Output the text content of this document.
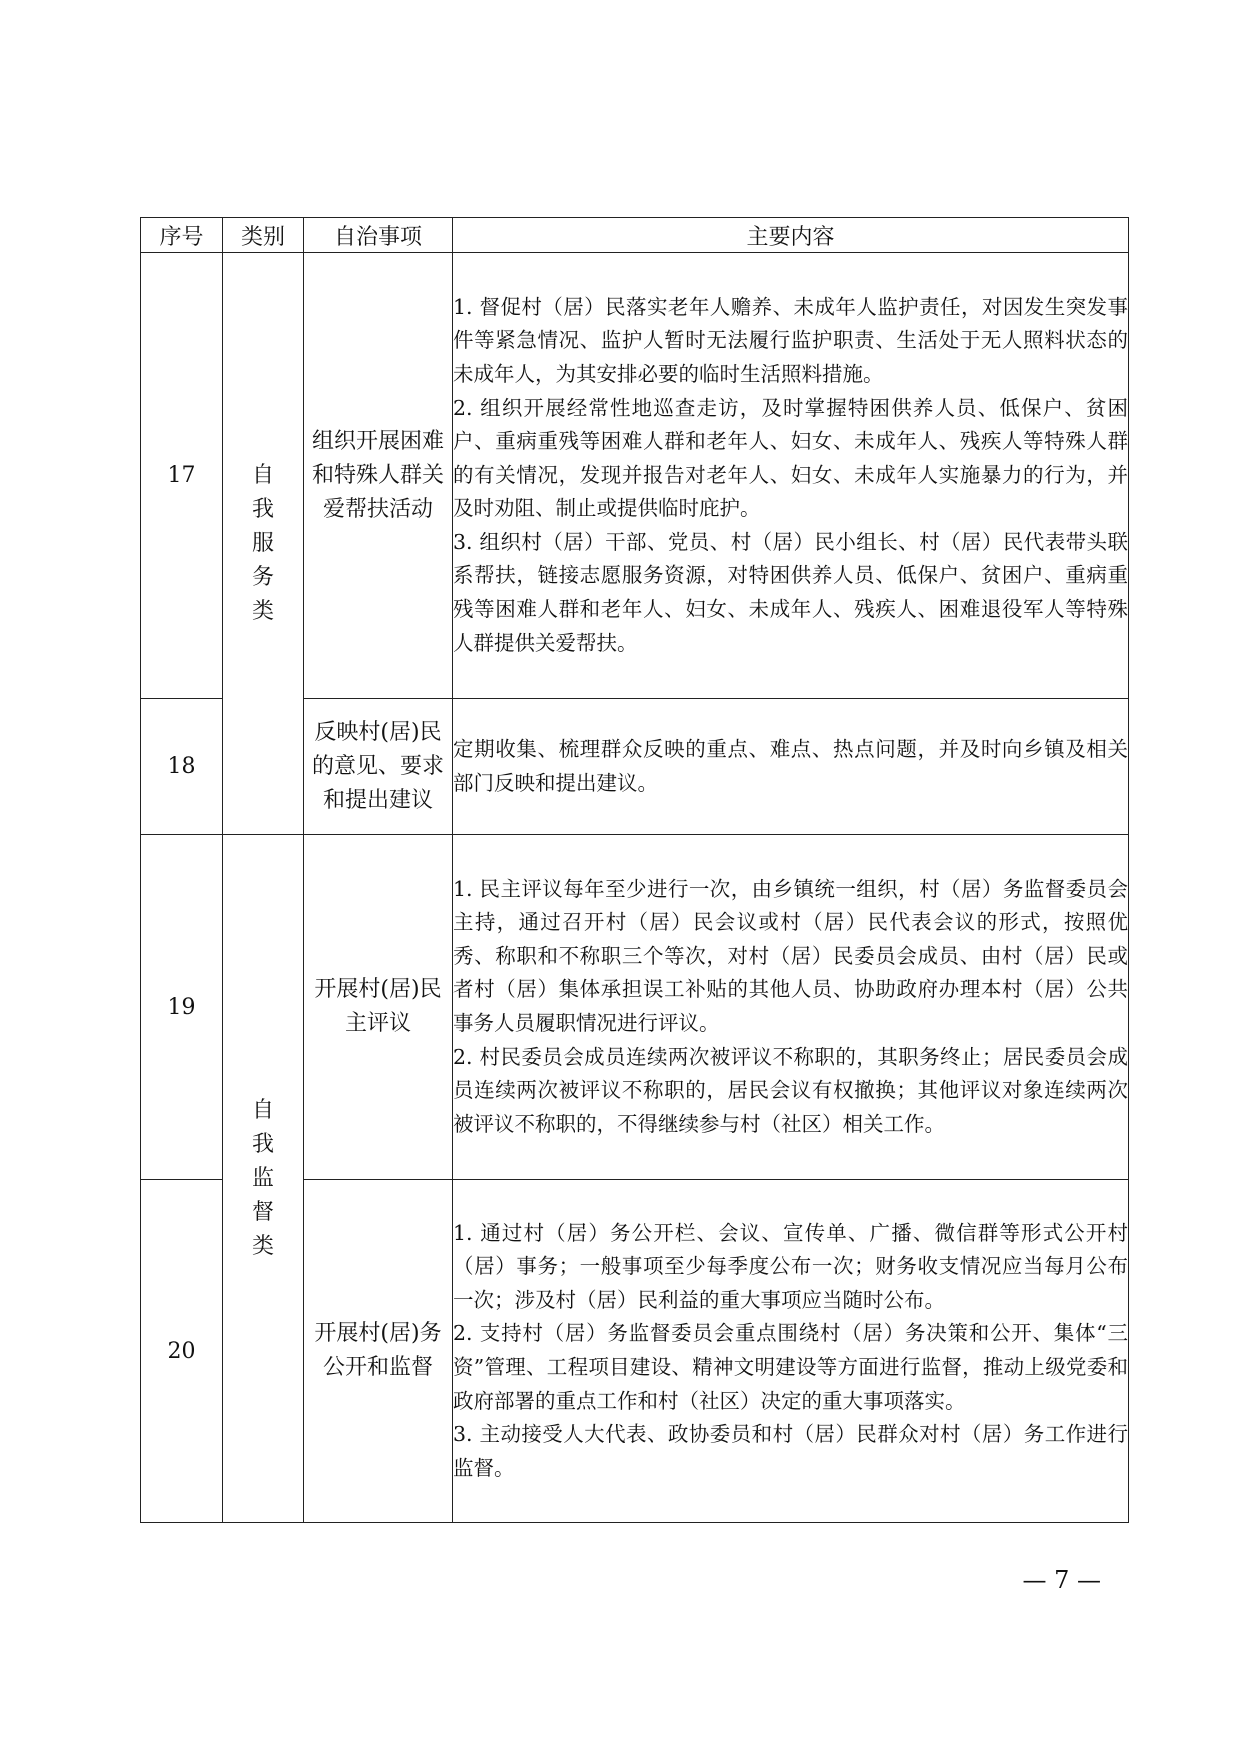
序号	类别	自治事项	主要内容
17	自我服务类	组织开展困难和特殊人群关爱帮扶活动	1. 督促村（居）民落实老年人赡养、未成年人监护责任，对因发生突发事件等紧急情况、监护人暂时无法履行监护职责、生活处于无人照料状态的未成年人，为其安排必要的临时生活照料措施。

2. 组织开展经常性地巡查走访，及时掌握特困供养人员、低保户、贫困户、重病重残等困难人群和老年人、妇女、未成年人、残疾人等特殊人群的有关情况，发现并报告对老年人、妇女、未成年人实施暴力的行为，并及时劝阻、制止或提供临时庇护。

3. 组织村（居）干部、党员、村（居）民小组长、村（居）民代表带头联系帮扶，链接志愿服务资源，对特困供养人员、低保户、贫困户、重病重残等困难人群和老年人、妇女、未成年人、残疾人、困难退役军人等特殊人群提供关爱帮扶。

18		反映村(居)民的意见、要求和提出建议	定期收集、梳理群众反映的重点、难点、热点问题，并及时向乡镇及相关部门反映和提出建议。

19	自我监督类	开展村(居)民主评议	1. 民主评议每年至少进行一次，由乡镇统一组织，村（居）务监督委员会主持，通过召开村（居）民会议或村（居）民代表会议的形式，按照优秀、称职和不称职三个等次，对村（居）民委员会成员、由村（居）民或者村（居）集体承担误工补贴的其他人员、协助政府办理本村（居）公共事务人员履职情况进行评议。

2. 村民委员会成员连续两次被评议不称职的，其职务终止；居民委员会成员连续两次被评议不称职的，居民会议有权撤换；其他评议对象连续两次被评议不称职的，不得继续参与村（社区）相关工作。

20		开展村(居)务公开和监督	1. 通过村（居）务公开栏、会议、宣传单、广播、微信群等形式公开村（居）事务；一般事项至少每季度公布一次；财务收支情况应当每月公布一次；涉及村（居）民利益的重大事项应当随时公布。

2. 支持村（居）务监督委员会重点围绕村（居）务决策和公开、集体“三资”管理、工程项目建设、精神文明建设等方面进行监督，推动上级党委和政府部署的重点工作和村（社区）决定的重大事项落实。

3. 主动接受人大代表、政协委员和村（居）民群众对村（居）务工作进行监督。

— 7 —
